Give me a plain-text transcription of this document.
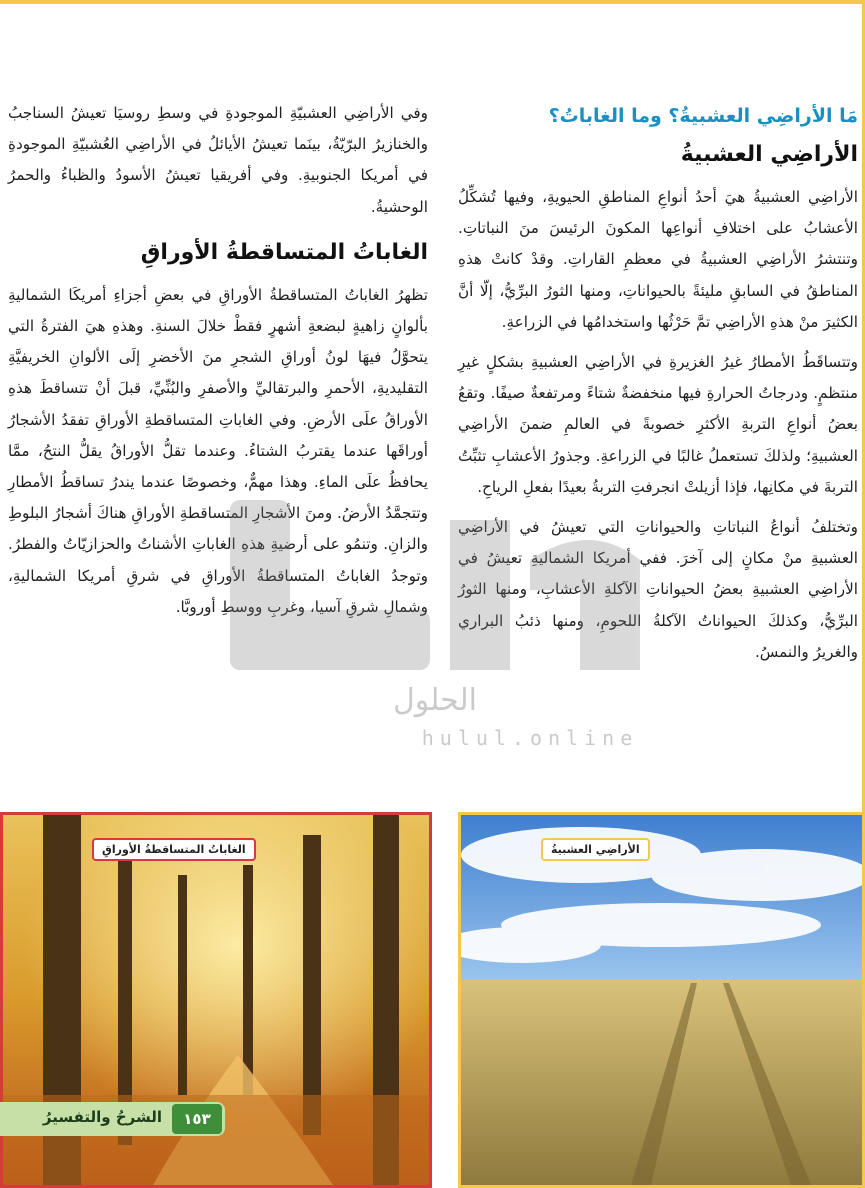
مَا الأراضِي العشبيةُ؟ وما الغاباتُ؟
الأراضِي العشبيةُ

الأراضِي العشبيةُ هيَ أحدُ أنواعِ المناطقِ الحيويةِ، وفيها تُشكِّلُ الأعشابُ على اختلافِ أنواعِها المكونَ الرئيسَ منَ النباتاتِ. وتنتشرُ الأراضِي العشبيةُ في معظمِ القاراتِ. وقدْ كانتْ هذهِ المناطقُ في السابقِ مليئةً بالحيواناتِ، ومنها الثورُ البرِّيُّ، إلّا أنَّ الكثيرَ منْ هذهِ الأراضِي تمَّ حَرْثُها واستخدامُها في الزراعةِ.

وتتساقَطُ الأمطارُ غيرُ الغزيرةِ في الأراضِي العشبيةِ بشكلٍ غيرِ منتظمٍ. ودرجاتُ الحرارةِ فيها منخفضةٌ شتاءً ومرتفعةٌ صيفًا. وتقعُ بعضُ أنواعِ التربةِ الأكثرِ خصوبةً في العالمِ ضمنَ الأراضِي العشبيةِ؛ ولذلكَ تستعملُ غالبًا في الزراعةِ. وجذورُ الأعشابِ تثبِّتُ التربةَ في مكانِها، فإذا أزيلتْ انجرفتِ التربةُ بعيدًا بفعلِ الرياحِ.

وتختلفُ أنواعُ النباتاتِ والحيواناتِ التي تعيشُ في الأراضِي العشبيةِ منْ مكانٍ إلى آخرَ. ففي أمريكا الشماليةِ تعيشُ في الأراضِي العشبيةِ بعضُ الحيواناتِ الآكلةِ الأعشابِ، ومنها الثورُ البرِّيُّ، وكذلكَ الحيواناتُ الآكلةُ اللحومِ، ومنها ذئبُ البراري والغريرُ والنمسُ.

وفي الأراضِي العشبيّةِ الموجودةِ في وسطِ روسيَا تعيشُ السناجبُ والخنازيرُ البرّيّةُ، بينَما تعيشُ الأيائلُ في الأراضِي العُشبيّةِ الموجودةِ في أمريكا الجنوبيةِ. وفي أفريقيا تعيشُ الأسودُ والظباءُ والحمرُ الوحشيةُ.

الغاباتُ المتساقطةُ الأوراقِ

تظهرُ الغاباتُ المتساقطةُ الأوراقِ في بعضِ أجزاءِ أمريكَا الشماليةِ بألوانٍ زاهيةٍ لبضعةِ أشهرٍ فقطْ خلالَ السنةِ. وهذهِ هيَ الفترةُ التي يتحوَّلُ فيهَا لونُ أوراقِ الشجرِ منَ الأخضرِ إلَى الألوانِ الخريفيَّةِ التقليديةِ، الأحمرِ والبرتقاليِّ والأصفرِ والبُنِّيِّ، قبلَ أنْ تتساقطَ هذهِ الأوراقُ علَى الأرضِ. وفي الغاباتِ المتساقطةِ الأوراقِ تفقدُ الأشجارُ أوراقَها عندما يقتربُ الشتاءُ. وعندما تقلُّ الأوراقُ يقلُّ النتحُ، ممَّا يحافظُ علَى الماءِ. وهذا مهمٌّ، وخصوصًا عندما يندرُ تساقطُ الأمطارِ وتتجمَّدُ الأرضُ. ومنَ الأشجارِ المتساقطةِ الأوراقِ هناكَ أشجارُ البلوطِ والزانِ. وتنمُو على أرضيةِ هذهِ الغاباتِ الأشناتُ والحزازيّاتُ والفطرُ. وتوجدُ الغاباتُ المتساقطةُ الأوراقِ في شرقِ أمريكا الشماليةِ، وشمالِ شرقِ آسيا، وغربِ ووسطِ أوروبَّا.

الحلول
hulul.online
الغاباتُ المتساقطةُ الأوراقِ	الأراضِي العشبيةُ
الشرحُ والتفسيرُ	١٥٣
